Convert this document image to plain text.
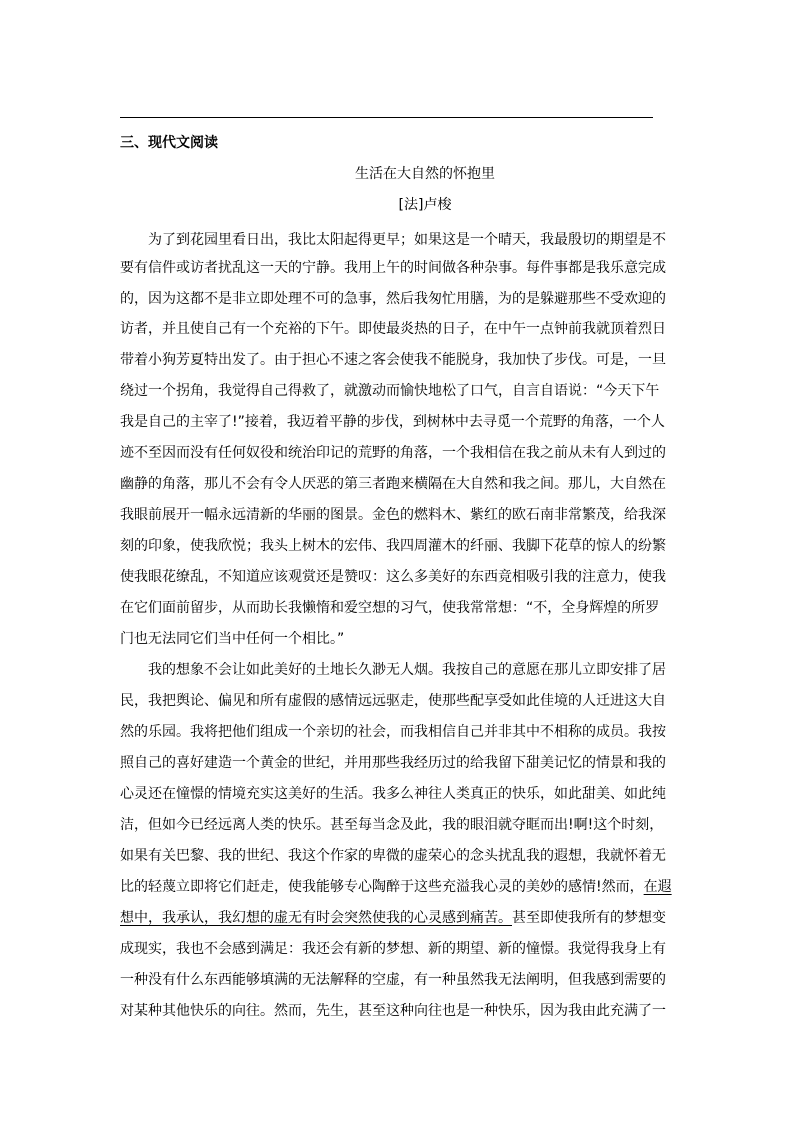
三、现代文阅读
生活在大自然的怀抱里
[法]卢梭
为了到花园里看日出，我比太阳起得更早；如果这是一个晴天，我最殷切的期望是不
要有信件或访者扰乱这一天的宁静。我用上午的时间做各种杂事。每件事都是我乐意完成
的，因为这都不是非立即处理不可的急事，然后我匆忙用膳，为的是躲避那些不受欢迎的
访者，并且使自己有一个充裕的下午。即使最炎热的日子，在中午一点钟前我就顶着烈日
带着小狗芳夏特出发了。由于担心不速之客会使我不能脱身，我加快了步伐。可是，一旦
绕过一个拐角，我觉得自己得救了，就激动而愉快地松了口气，自言自语说：“今天下午
我是自己的主宰了!”接着，我迈着平静的步伐，到树林中去寻觅一个荒野的角落，一个人
迹不至因而没有任何奴役和统治印记的荒野的角落，一个我相信在我之前从未有人到过的
幽静的角落，那儿不会有令人厌恶的第三者跑来横隔在大自然和我之间。那儿，大自然在
我眼前展开一幅永远清新的华丽的图景。金色的燃料木、紫红的欧石南非常繁茂，给我深
刻的印象，使我欣悦；我头上树木的宏伟、我四周灌木的纤丽、我脚下花草的惊人的纷繁
使我眼花缭乱，不知道应该观赏还是赞叹：这么多美好的东西竞相吸引我的注意力，使我
在它们面前留步，从而助长我懒惰和爱空想的习气，使我常常想：“不，全身辉煌的所罗
门也无法同它们当中任何一个相比。”
我的想象不会让如此美好的土地长久渺无人烟。我按自己的意愿在那儿立即安排了居
民，我把舆论、偏见和所有虚假的感情远远驱走，使那些配享受如此佳境的人迁进这大自
然的乐园。我将把他们组成一个亲切的社会，而我相信自己并非其中不相称的成员。我按
照自己的喜好建造一个黄金的世纪，并用那些我经历过的给我留下甜美记忆的情景和我的
心灵还在憧憬的情境充实这美好的生活。我多么神往人类真正的快乐，如此甜美、如此纯
洁，但如今已经远离人类的快乐。甚至每当念及此，我的眼泪就夺眶而出!啊!这个时刻，
如果有关巴黎、我的世纪、我这个作家的卑微的虚荣心的念头扰乱我的遐想，我就怀着无
比的轻蔑立即将它们赶走，使我能够专心陶醉于这些充溢我心灵的美妙的感情!然而，在遐
想中，我承认，我幻想的虚无有时会突然使我的心灵感到痛苦。甚至即使我所有的梦想变
成现实，我也不会感到满足：我还会有新的梦想、新的期望、新的憧憬。我觉得我身上有
一种没有什么东西能够填满的无法解释的空虚，有一种虽然我无法阐明，但我感到需要的
对某种其他快乐的向往。然而，先生，甚至这种向往也是一种快乐，因为我由此充满了一
